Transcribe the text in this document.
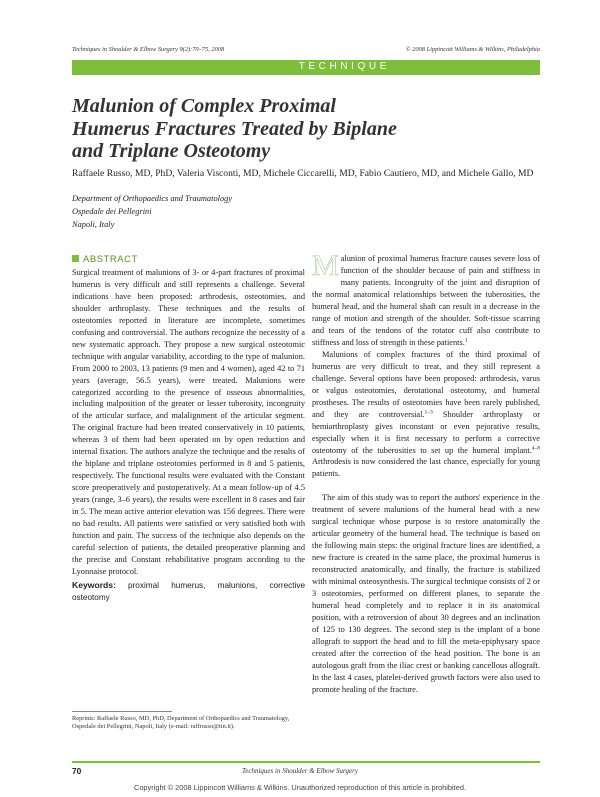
Techniques in Shoulder & Elbow Surgery 9(2):70–75, 2008	© 2008 Lippincott Williams & Wilkins, Philadelphia
TECHNIQUE
Malunion of Complex Proximal Humerus Fractures Treated by Biplane and Triplane Osteotomy
Raffaele Russo, MD, PhD, Valeria Visconti, MD, Michele Ciccarelli, MD, Fabio Cautiero, MD, and Michele Gallo, MD
Department of Orthopaedics and Traumatology
Ospedale dei Pellegrini
Napoli, Italy
ABSTRACT

Surgical treatment of malunions of 3- or 4-part fractures of proximal humerus is very difficult and still represents a challenge. Several indications have been proposed: arthrodesis, osteotomies, and shoulder arthroplasty. These techniques and the results of osteotomies reported in literature are incomplete, sometimes confusing and controversial. The authors recognize the necessity of a new systematic approach. They propose a new surgical osteotomic technique with angular variability, according to the type of malunion. From 2000 to 2003, 13 patients (9 men and 4 women), aged 42 to 71 years (average, 56.5 years), were treated. Malunions were categorized according to the presence of osseous abnormalities, including malposition of the greater or lesser tuberosity, incongruity of the articular surface, and malalignment of the articular segment. The original fracture had been treated conservatively in 10 patients, whereas 3 of them had been operated on by open reduction and internal fixation. The authors analyze the technique and the results of the biplane and triplane osteotomies performed in 8 and 5 patients, respectively. The functional results were evaluated with the Constant score preoperatively and postoperatively. At a mean follow-up of 4.5 years (range, 3–6 years), the results were excellent in 8 cases and fair in 5. The mean active anterior elevation was 156 degrees. There were no bad results. All patients were satisfied or very satisfied both with function and pain. The success of the technique also depends on the careful selection of patients, the detailed preoperative planning and the precise and Constant rehabilitative program according to the Lyonnaise protocol.

Keywords: proximal humerus, malunions, corrective osteotomy

Malunion of proximal humerus fracture causes severe loss of function of the shoulder because of pain and stiffness in many patients. Incongruity of the joint and disruption of the normal anatomical relationships between the tuberosities, the humeral head, and the humeral shaft can result in a decrease in the range of motion and strength of the shoulder. Soft-tissue scarring and tears of the tendons of the rotator cuff also contribute to stiffness and loss of strength in these patients.$^1$

Malunions of complex fractures of the third proximal of humerus are very difficult to treat, and they still represent a challenge. Several options have been proposed: arthrodesis, varus or valgus osteotomies, derotational osteotomy, and humeral prostheses. The results of osteotomies have been rarely published, and they are controversial.$^{1-3}$ Shoulder arthroplasty or hemiarthroplasty gives inconstant or even pejorative results, especially when it is first necessary to perform a corrective osteotomy of the tuberosities to set up the humeral implant.$^{4-8}$ Arthrodesis is now considered the last chance, especially for young patients.

The aim of this study was to report the authors' experience in the treatment of severe malunions of the humeral head with a new surgical technique whose purpose is to restore anatomically the articular geometry of the humeral head. The technique is based on the following main steps: the original fracture lines are identified, a new fracture is created in the same place, the proximal humerus is reconstructed anatomically, and finally, the fracture is stabilized with minimal osteosynthesis. The surgical technique consists of 2 or 3 osteotomies, performed on different planes, to separate the humeral head completely and to replace it in its anatomical position, with a retroversion of about 30 degrees and an inclination of 125 to 130 degrees. The second step is the implant of a bone allograft to support the head and to fill the meta-epiphysary space created after the correction of the head position. The bone is an autologous graft from the iliac crest or banking cancellous allograft. In the last 4 cases, platelet-derived growth factors were also used to promote healing of the fracture.

Reprints: Raffaele Russo, MD, PhD, Department of Orthopaedics and Traumatology, Ospedale dei Pellegrini, Napoli, Italy (e-mail: raffrusso@tin.it).
70	Techniques in Shoulder & Elbow Surgery
Copyright © 2008 Lippincott Williams & Wilkins. Unauthorized reproduction of this article is prohibited.
